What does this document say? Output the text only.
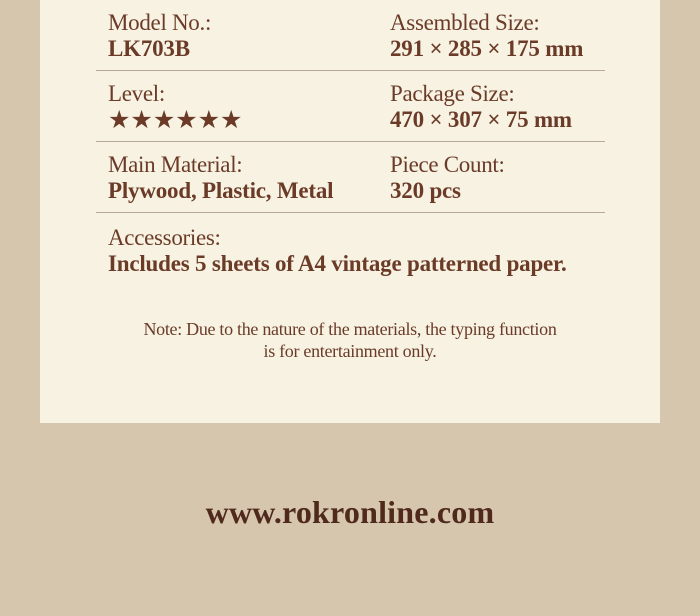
Model No.:
LK703B
Assembled Size:
291 × 285 × 175 mm
Level:
★★★★★★
Package Size:
470 × 307 × 75 mm
Main Material:
Plywood, Plastic, Metal
Piece Count:
320 pcs
Accessories:
Includes 5 sheets of A4 vintage patterned paper.
Note: Due to the nature of the materials, the typing function
is for entertainment only.
www.rokronline.com
